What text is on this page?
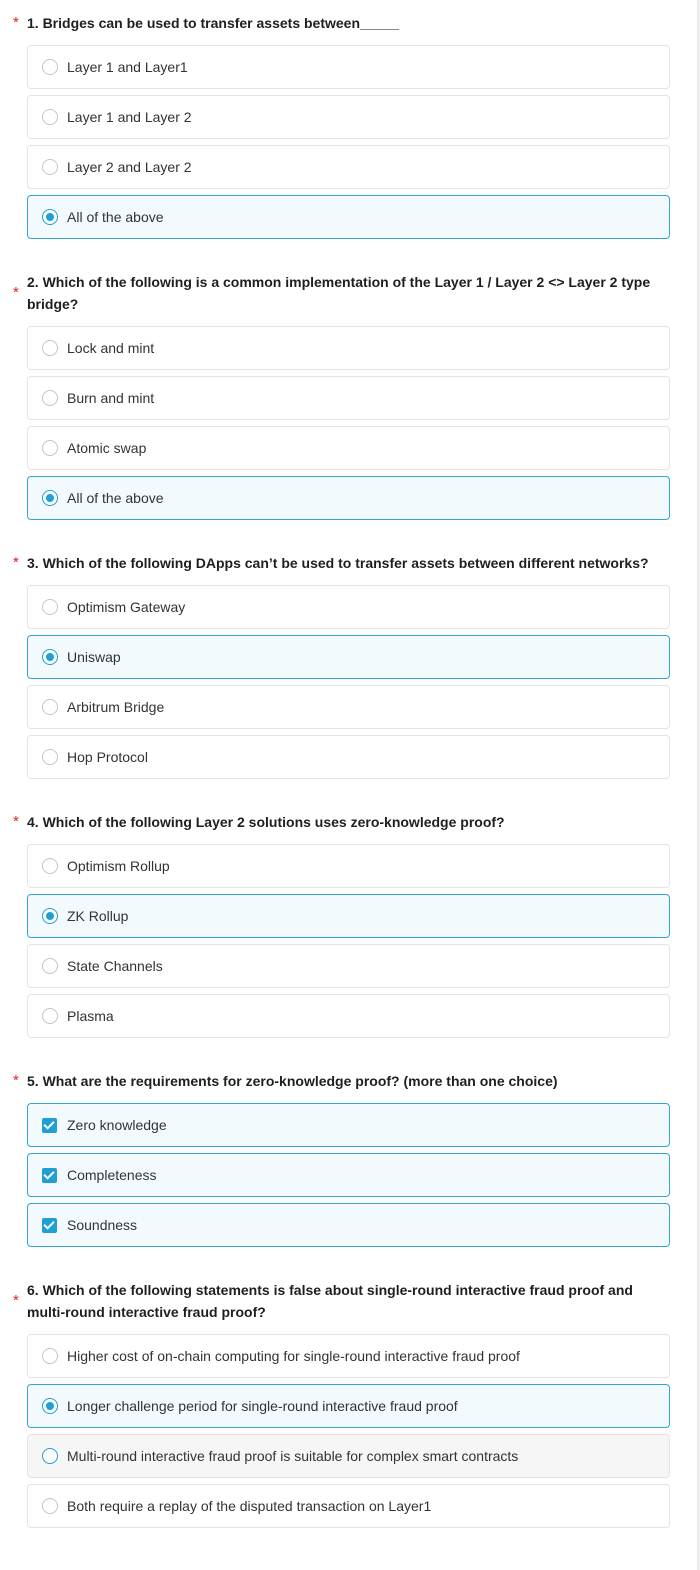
* 1. Bridges can be used to transfer assets between_____
Layer 1 and Layer1
Layer 1 and Layer 2
Layer 2 and Layer 2
All of the above
*
2. Which of the following is a common implementation of the Layer 1 / Layer 2 <> Layer 2 type bridge?
Lock and mint
Burn and mint
Atomic swap
All of the above
* 3. Which of the following DApps can’t be used to transfer assets between different networks?
Optimism Gateway
Uniswap
Arbitrum Bridge
Hop Protocol
* 4. Which of the following Layer 2 solutions uses zero-knowledge proof?
Optimism Rollup
ZK Rollup
State Channels
Plasma
* 5. What are the requirements for zero-knowledge proof? (more than one choice)
Zero knowledge
Completeness
Soundness
*
6. Which of the following statements is false about single-round interactive fraud proof and multi-round interactive fraud proof?
Higher cost of on-chain computing for single-round interactive fraud proof
Longer challenge period for single-round interactive fraud proof
Multi-round interactive fraud proof is suitable for complex smart contracts
Both require a replay of the disputed transaction on Layer1
